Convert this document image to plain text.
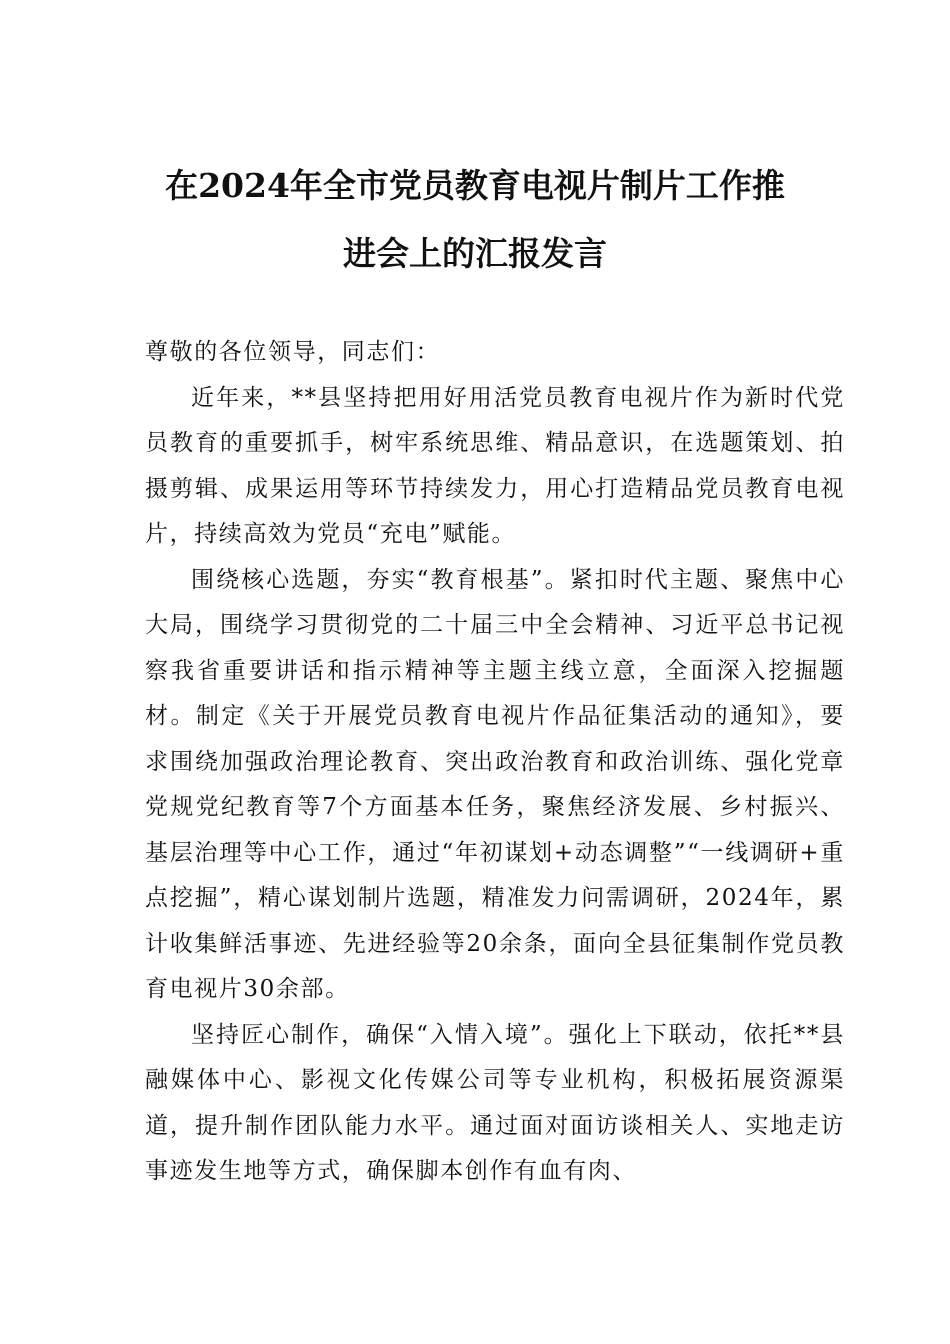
在2024年全市党员教育电视片制片工作推
进会上的汇报发言

尊敬的各位领导，同志们：

近年来，**县坚持把用好用活党员教育电视片作为新时代党员教育的重要抓手，树牢系统思维、精品意识，在选题策划、拍摄剪辑、成果运用等环节持续发力，用心打造精品党员教育电视片，持续高效为党员“充电”赋能。

围绕核心选题，夯实“教育根基”。紧扣时代主题、聚焦中心大局，围绕学习贯彻党的二十届三中全会精神、习近平总书记视察我省重要讲话和指示精神等主题主线立意，全面深入挖掘题材。制定《关于开展党员教育电视片作品征集活动的通知》，要求围绕加强政治理论教育、突出政治教育和政治训练、强化党章党规党纪教育等7个方面基本任务，聚焦经济发展、乡村振兴、基层治理等中心工作，通过“年初谋划+动态调整”“一线调研+重点挖掘”，精心谋划制片选题，精准发力问需调研，2024年，累计收集鲜活事迹、先进经验等20余条，面向全县征集制作党员教育电视片30余部。

坚持匠心制作，确保“入情入境”。强化上下联动，依托**县融媒体中心、影视文化传媒公司等专业机构，积极拓展资源渠道，提升制作团队能力水平。通过面对面访谈相关人、实地走访事迹发生地等方式，确保脚本创作有血有肉、
